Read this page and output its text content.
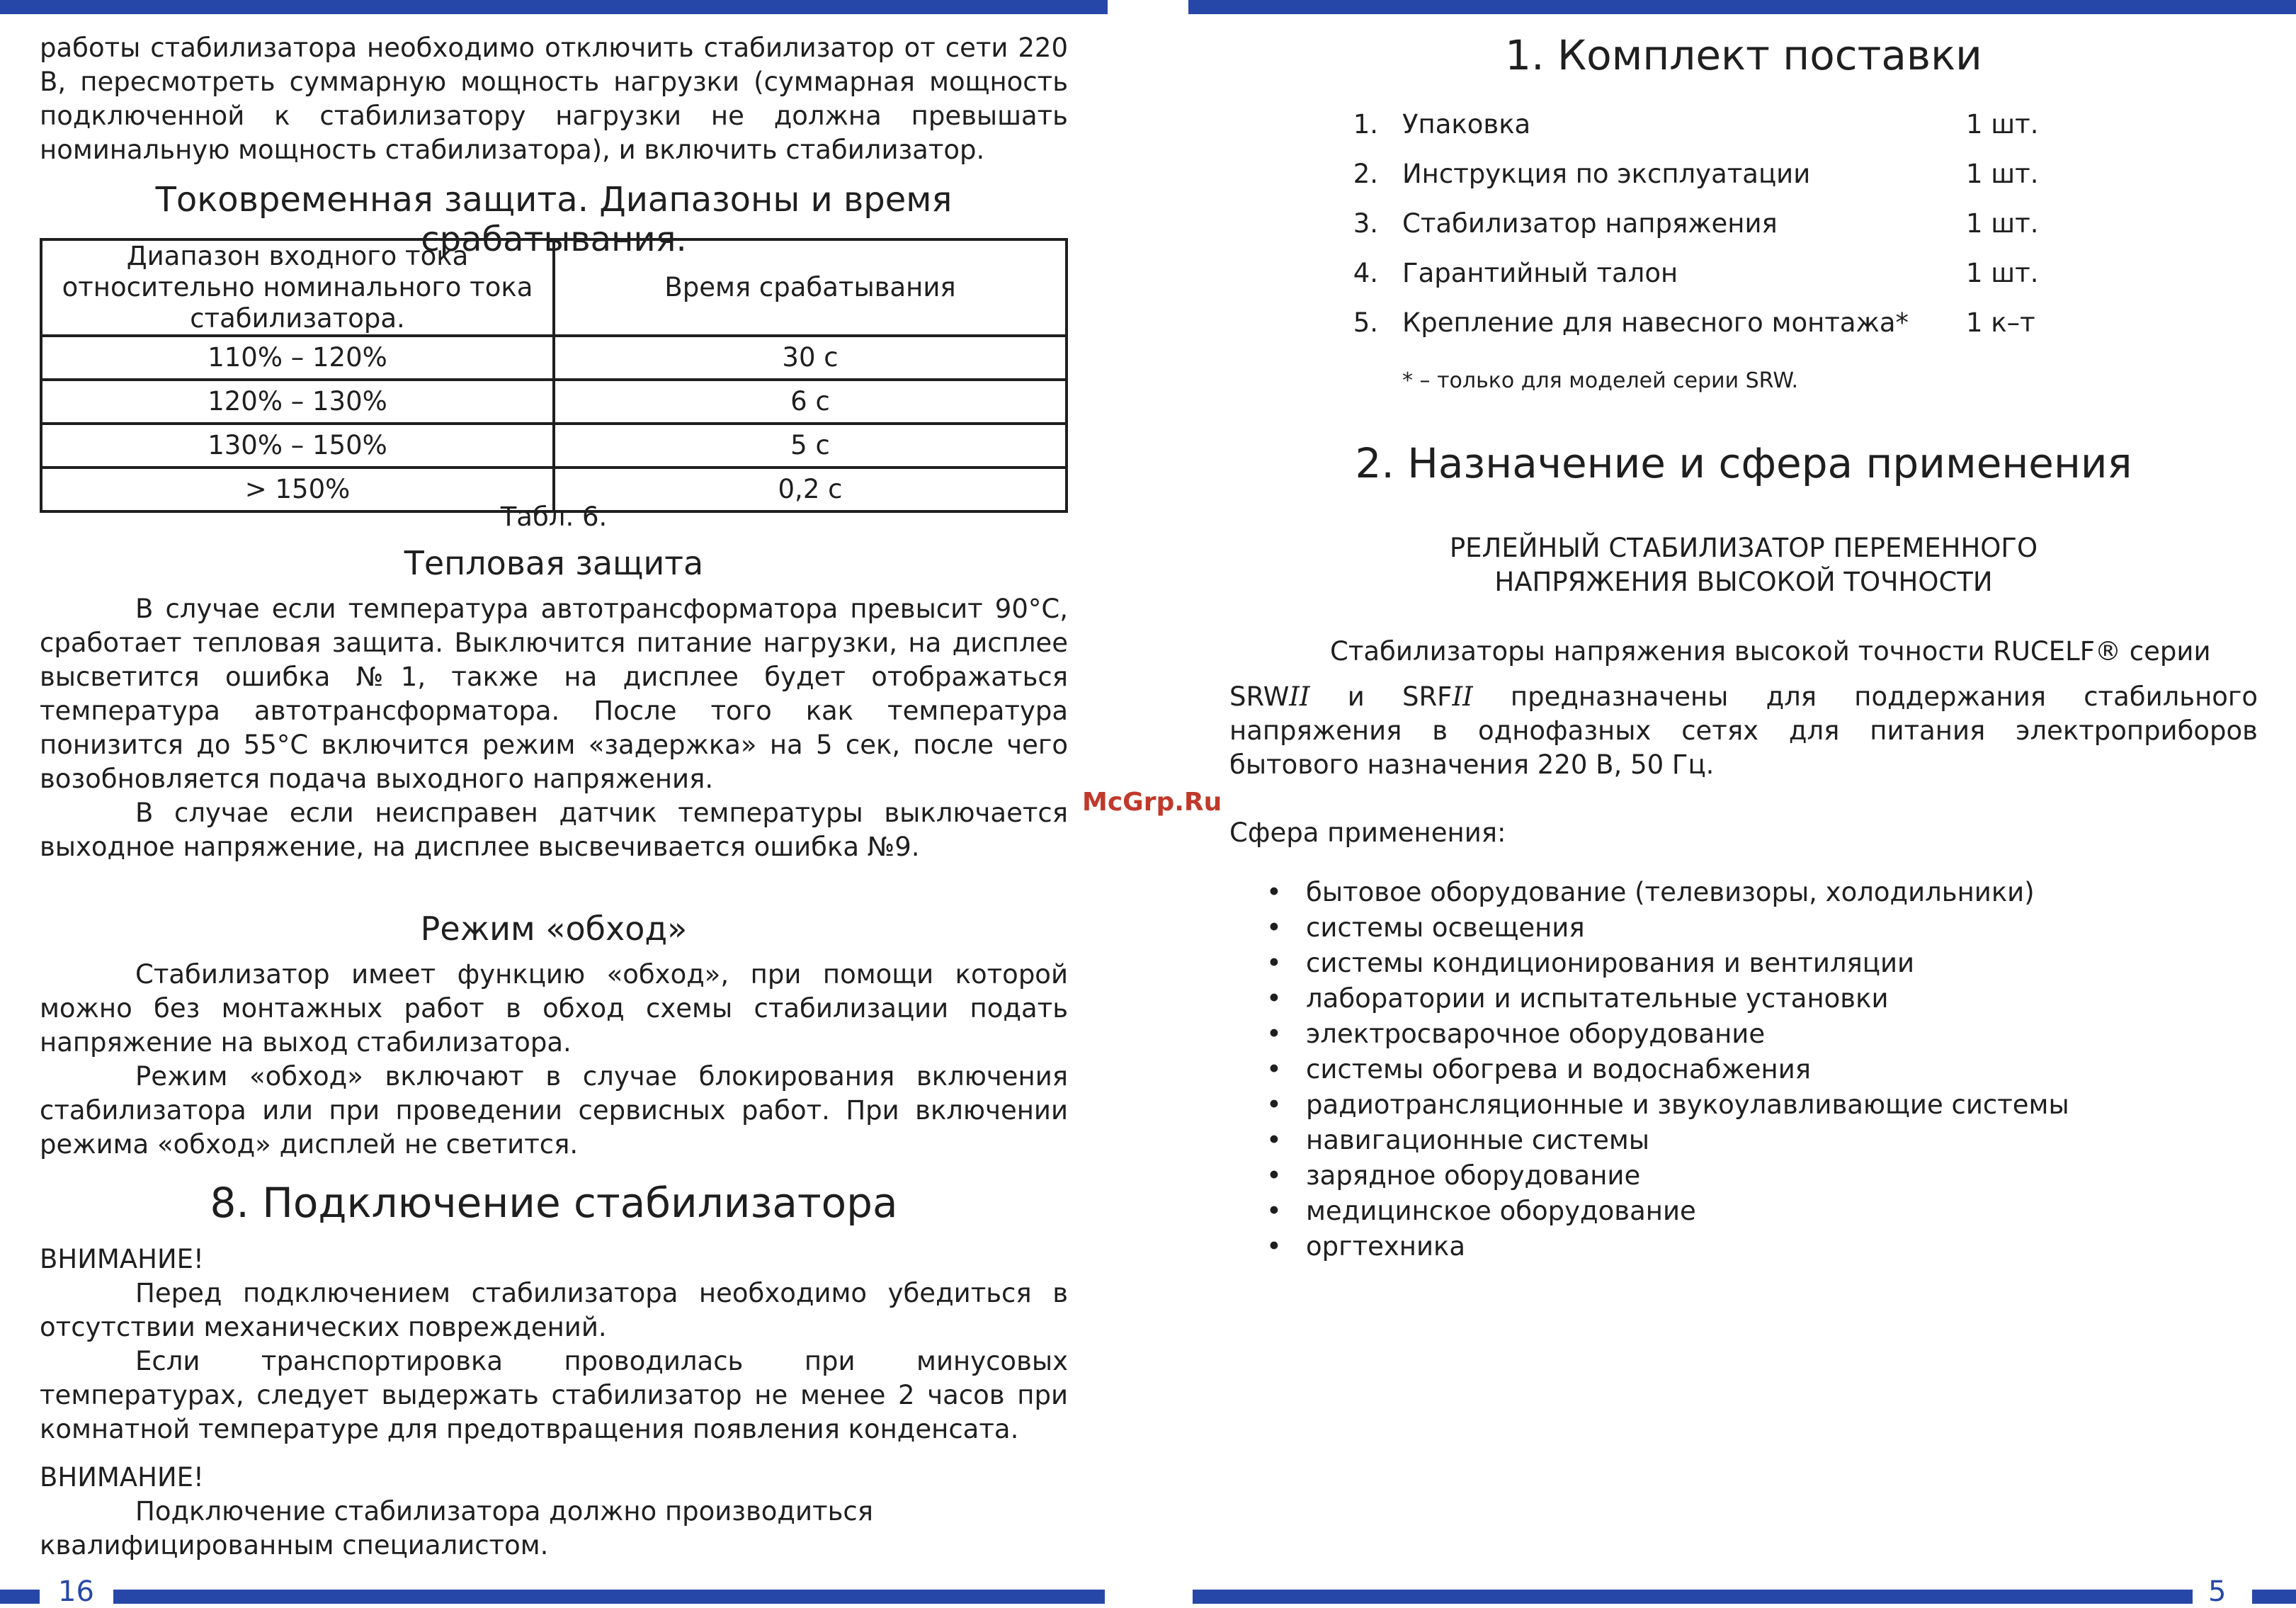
16	5
McGrp.Ru

работы стабилизатора необходимо отключить стабилизатор от сети 220 В, пересмотреть суммарную мощность нагрузки (суммарная мощность подключенной к стабилизатору нагрузки не должна превышать номинальную мощность стабилизатора), и включить стабилизатор.

Токовременная защита. Диапазоны и время срабатывания.
Диапазон входного тока относительно номинального тока стабилизатора.	Время срабатывания
110% – 120%	30 с
120% – 130%	6 с
130% – 150%	5 с
> 150%	0,2 с
Табл. 6.
Тепловая защита

В случае если температура автотрансформатора превысит 90°С, сработает тепловая защита. Выключится питание нагрузки, на дисплее высветится ошибка №1, также на дисплее будет отображаться температура автотрансформатора. После того как температура понизится до 55°С включится режим «задержка» на 5 сек, после чего возобновляется подача выходного напряжения.

В случае если неисправен датчик температуры выключается выходное напряжение, на дисплее высвечивается ошибка №9.

Режим «обход»

Стабилизатор имеет функцию «обход», при помощи которой можно без монтажных работ в обход схемы стабилизации подать напряжение на выход стабилизатора.

Режим «обход» включают в случае блокирования включения стабилизатора или при проведении сервисных работ. При включении режима «обход» дисплей не светится.

8. Подключение стабилизатора

ВНИМАНИЕ!

Перед подключением стабилизатора необходимо убедиться в отсутствии механических повреждений.

Если транспортировка проводилась при минусовых температурах, следует выдержать стабилизатор не менее 2 часов при комнатной температуре для предотвращения появления конденсата.

ВНИМАНИЕ!

Подключение стабилизатора должно производиться

квалифицированным специалистом.

1. Комплект поставки
1. Упаковка	1 шт.
2. Инструкция по эксплуатации	1 шт.
3. Стабилизатор напряжения	1 шт.
4. Гарантийный талон	1 шт.
5. Крепление для навесного монтажа* 1 к–т
* – только для моделей серии SRW.
2. Назначение и сфера применения
РЕЛЕЙНЫЙ СТАБИЛИЗАТОР ПЕРЕМЕННОГО
НАПРЯЖЕНИЯ ВЫСОКОЙ ТОЧНОСТИ

Стабилизаторы напряжения высокой точности RUCELF® серии

SRWII и SRFII предназначены для поддержания стабильного напряжения в однофазных сетях для питания электроприборов бытового назначения 220 В, 50 Гц.

Сфера применения:

• бытовое оборудование (телевизоры, холодильники)
• системы освещения
• системы кондиционирования и вентиляции
• лаборатории и испытательные установки
• электросварочное оборудование
• системы обогрева и водоснабжения
• радиотрансляционные и звукоулавливающие системы
• навигационные системы
• зарядное оборудование
• медицинское оборудование
• оргтехника
